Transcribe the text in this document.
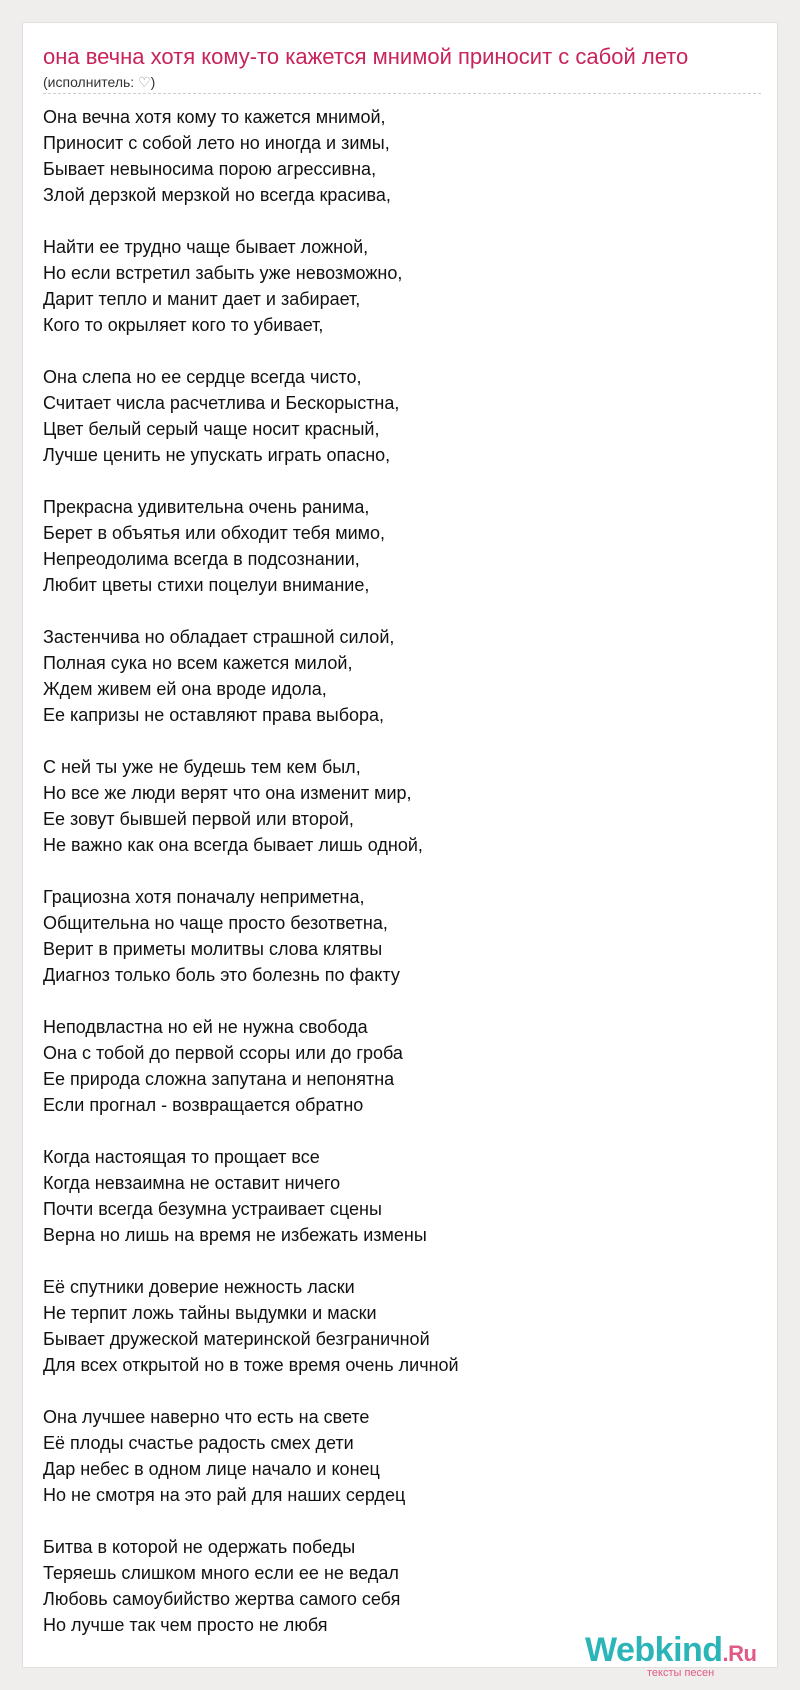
она вечна хотя кому-то кажется мнимой приносит с сабой лето
(исполнитель: ♡)
Она вечна хотя кому то кажется мнимой,
Приносит с собой лето но иногда и зимы,
Бывает невыносима порою агрессивна,
Злой дерзкой мерзкой но всегда красива,
Найти ее трудно чаще бывает ложной,
Но если встретил забыть уже невозможно,
Дарит тепло и манит дает и забирает,
Кого то окрыляет кого то убивает,
Она слепа но ее сердце всегда чисто,
Считает числа расчетлива и Бескорыстна,
Цвет белый серый чаще носит красный,
Лучше ценить не упускать играть опасно,
Прекрасна удивительна очень ранима,
Берет в объятья или обходит тебя мимо,
Непреодолима всегда в подсознании,
Любит цветы стихи поцелуи внимание,
Застенчива но обладает страшной силой,
Полная сука но всем кажется милой,
Ждем живем ей она вроде идола,
Ее капризы не оставляют права выбора,
С ней ты уже не будешь тем кем был,
Но все же люди верят что она изменит мир,
Ее зовут бывшей первой или второй,
Не важно как она всегда бывает лишь одной,
Грациозна хотя поначалу неприметна,
Общительна но чаще просто безответна,
Верит в приметы молитвы слова клятвы
Диагноз только боль это болезнь по факту
Неподвластна но ей не нужна свобода
Она с тобой до первой ссоры или до гроба
Ее природа сложна запутана и непонятна
Если прогнал - возвращается обратно
Когда настоящая то прощает все
Когда невзаимна не оставит ничего
Почти всегда безумна устраивает сцены
Верна но лишь на время не избежать измены
Её спутники доверие нежность ласки
Не терпит ложь тайны выдумки и маски
Бывает дружеской материнской безграничной
Для всех открытой но в тоже время очень личной
Она лучшее наверно что есть на свете
Её плоды счастье радость смех дети
Дар небес в одном лице начало и конец
Но не смотря на это рай для наших сердец
Битва в которой не одержать победы
Теряешь слишком много если ее не ведал
Любовь самоубийство жертва самого себя
Но лучше так чем просто не любя
Webkind.Ru
тексты песен
